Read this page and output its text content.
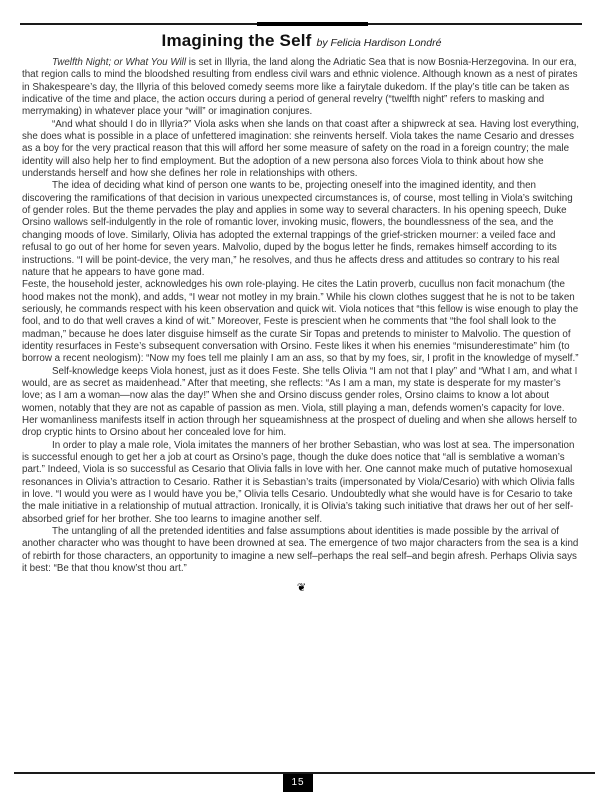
Imagining the Self by Felicia Hardison Londré

Twelfth Night; or What You Will is set in Illyria, the land along the Adriatic Sea that is now Bosnia-Herzegovina. In our era, that region calls to mind the bloodshed resulting from endless civil wars and ethnic violence. Although known as a nest of pirates in Shakespeare’s day, the Illyria of this beloved comedy seems more like a fairytale dukedom. If the play’s title can be taken as indicative of the time and place, the action occurs during a period of general revelry (“twelfth night” refers to masking and merrymaking) in whatever place your “will” or imagination conjures.

“And what should I do in Illyria?” Viola asks when she lands on that coast after a shipwreck at sea. Having lost everything, she does what is possible in a place of unfettered imagination: she reinvents herself. Viola takes the name Cesario and dresses as a boy for the very practical reason that this will afford her some measure of safety on the road in a foreign country; the male identity will also help her to find employment. But the adoption of a new persona also forces Viola to think about how she understands herself and how she defines her role in relationships with others.

The idea of deciding what kind of person one wants to be, projecting oneself into the imagined identity, and then discovering the ramifications of that decision in various unexpected circumstances is, of course, most telling in Viola’s switching of gender roles. But the theme pervades the play and applies in some way to several characters. In his opening speech, Duke Orsino wallows self-indulgently in the role of romantic lover, invoking music, flowers, the boundlessness of the sea, and the changing moods of love. Similarly, Olivia has adopted the external trappings of the grief-stricken mourner: a veiled face and refusal to go out of her home for seven years. Malvolio, duped by the bogus letter he finds, remakes himself according to its instructions. “I will be point-device, the very man,” he resolves, and thus he affects dress and attitudes so contrary to his real nature that he appears to have gone mad.

Feste, the household jester, acknowledges his own role-playing. He cites the Latin proverb, cucullus non facit monachum (the hood makes not the monk), and adds, “I wear not motley in my brain.” While his clown clothes suggest that he is not to be taken seriously, he commands respect with his keen observation and quick wit. Viola notices that “this fellow is wise enough to play the fool, and to do that well craves a kind of wit.” Moreover, Feste is prescient when he comments that “the fool shall look to the madman,” because he does later disguise himself as the curate Sir Topas and pretends to minister to Malvolio. The question of identity resurfaces in Feste’s subsequent conversation with Orsino. Feste likes it when his enemies “misunderestimate” him (to borrow a recent neologism): “Now my foes tell me plainly I am an ass, so that by my foes, sir, I profit in the knowledge of myself.”

Self-knowledge keeps Viola honest, just as it does Feste. She tells Olivia “I am not that I play” and “What I am, and what I would, are as secret as maidenhead.” After that meeting, she reflects: “As I am a man, my state is desperate for my master’s love; as I am a woman—now alas the day!” When she and Orsino discuss gender roles, Orsino claims to know a lot about women, notably that they are not as capable of passion as men. Viola, still playing a man, defends women’s capacity for love. Her womanliness manifests itself in action through her squeamishness at the prospect of dueling and when she allows herself to drop cryptic hints to Orsino about her concealed love for him.

In order to play a male role, Viola imitates the manners of her brother Sebastian, who was lost at sea. The impersonation is successful enough to get her a job at court as Orsino’s page, though the duke does notice that “all is semblative a woman’s part.” Indeed, Viola is so successful as Cesario that Olivia falls in love with her. One cannot make much of putative homosexual resonances in Olivia’s attraction to Cesario. Rather it is Sebastian’s traits (impersonated by Viola/Cesario) with which Olivia falls in love. “I would you were as I would have you be,” Olivia tells Cesario. Undoubtedly what she would have is for Cesario to take the male initiative in a relationship of mutual attraction. Ironically, it is Olivia’s taking such initiative that draws her out of her self-absorbed grief for her brother. She too learns to imagine another self.

The untangling of all the pretended identities and false assumptions about identities is made possible by the arrival of another character who was thought to have been drowned at sea. The emergence of two major characters from the sea is a kind of rebirth for those characters, an opportunity to imagine a new self–perhaps the real self–and begin afresh. Perhaps Olivia says it best: “Be that thou know’st thou art.”

❦
15
